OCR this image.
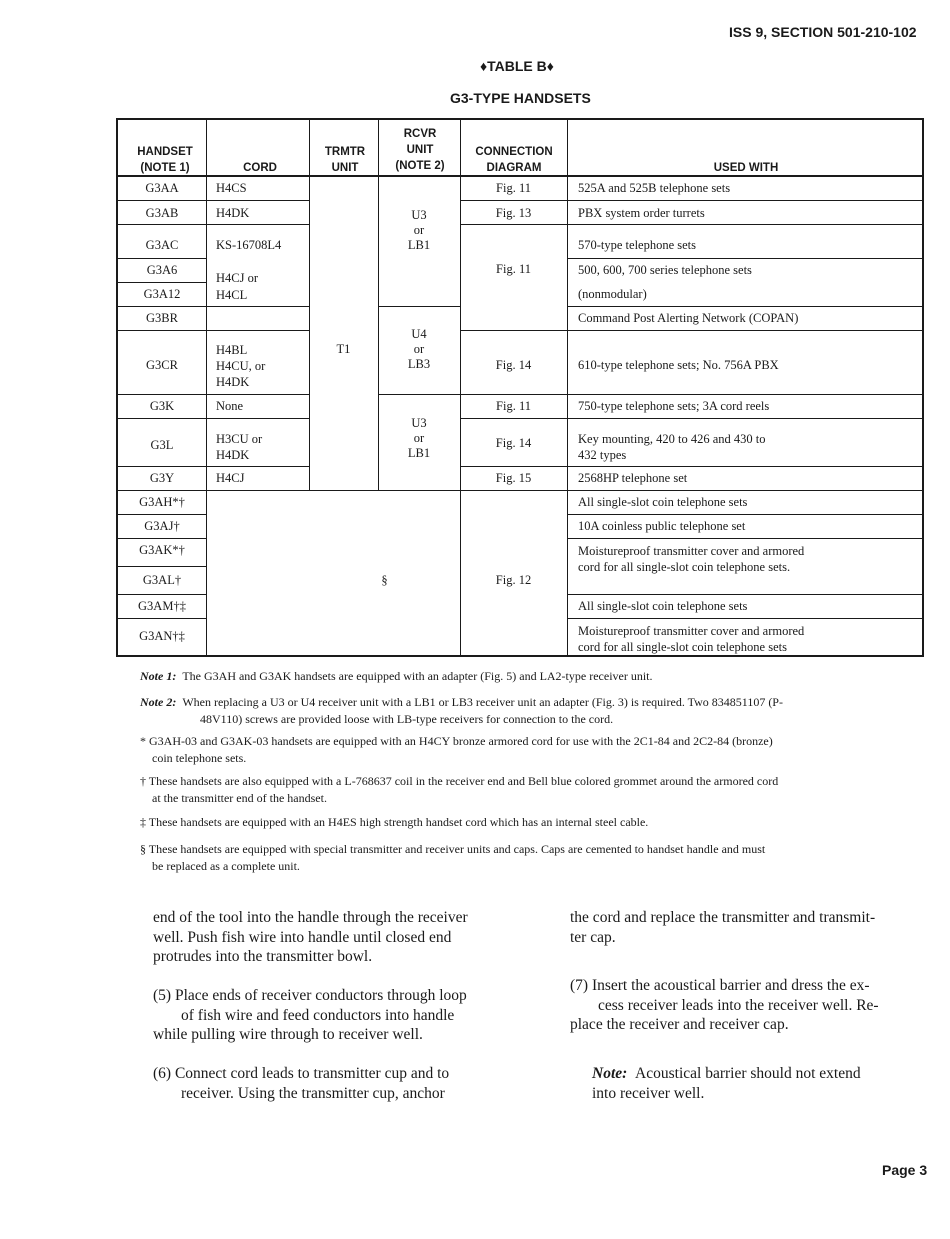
ISS 9, SECTION 501-210-102
♦TABLE B♦
G3-TYPE HANDSETS
HANDSET
(NOTE 1)	CORD
TRMTR
UNIT
RCVR
UNIT
(NOTE 2)
CONNECTION
DIAGRAM	USED WITH
G3AA
G3AB
G3AC
G3A6
G3A12
G3BR
G3CR
G3K
G3L
G3Y
G3AH*†
G3AJ†
G3AK*†
G3AL†
G3AM†‡
G3AN†‡
H4CS
H4DK
KS-16708L4
H4CJ or
H4CL
H4BL
H4CU, or
H4DK
None
H3CU or
H4DK
H4CJ
T1
U3
or
LB1
U4
or
LB3
U3
or
LB1
§
Fig. 11
Fig. 13
Fig. 11
Fig. 14
Fig. 11
Fig. 14
Fig. 15
Fig. 12
525A and 525B telephone sets
PBX system order turrets
570-type telephone sets
500, 600, 700 series telephone sets
(nonmodular)
Command Post Alerting Network (COPAN)
610-type telephone sets; No. 756A PBX
750-type telephone sets; 3A cord reels
Key mounting, 420 to 426 and 430 to
432 types
2568HP telephone set
All single-slot coin telephone sets
10A coinless public telephone set
Moistureproof transmitter cover and armored
cord for all single-slot coin telephone sets.
All single-slot coin telephone sets
Moistureproof transmitter cover and armored
cord for all single-slot coin telephone sets
Note 1: The G3AH and G3AK handsets are equipped with an adapter (Fig. 5) and LA2-type receiver unit.
Note 2: When replacing a U3 or U4 receiver unit with a LB1 or LB3 receiver unit an adapter (Fig. 3) is required. Two 834851107 (P-
48V110) screws are provided loose with LB-type receivers for connection to the cord.
* G3AH-03 and G3AK-03 handsets are equipped with an H4CY bronze armored cord for use with the 2C1-84 and 2C2-84 (bronze)
coin telephone sets.
† These handsets are also equipped with a L-768637 coil in the receiver end and Bell blue colored grommet around the armored cord
at the transmitter end of the handset.
‡ These handsets are equipped with an H4ES high strength handset cord which has an internal steel cable.
§ These handsets are equipped with special transmitter and receiver units and caps. Caps are cemented to handset handle and must
be replaced as a complete unit.
end of the tool into the handle through the receiver
well. Push fish wire into handle until closed end
protrudes into the transmitter bowl.
(5) Place ends of receiver conductors through loop
of fish wire and feed conductors into handle
while pulling wire through to receiver well.
(6) Connect cord leads to transmitter cup and to
receiver. Using the transmitter cup, anchor
the cord and replace the transmitter and transmit-
ter cap.
(7) Insert the acoustical barrier and dress the ex-
cess receiver leads into the receiver well. Re-
place the receiver and receiver cap.
Note: Acoustical barrier should not extend
into receiver well.
Page 3
